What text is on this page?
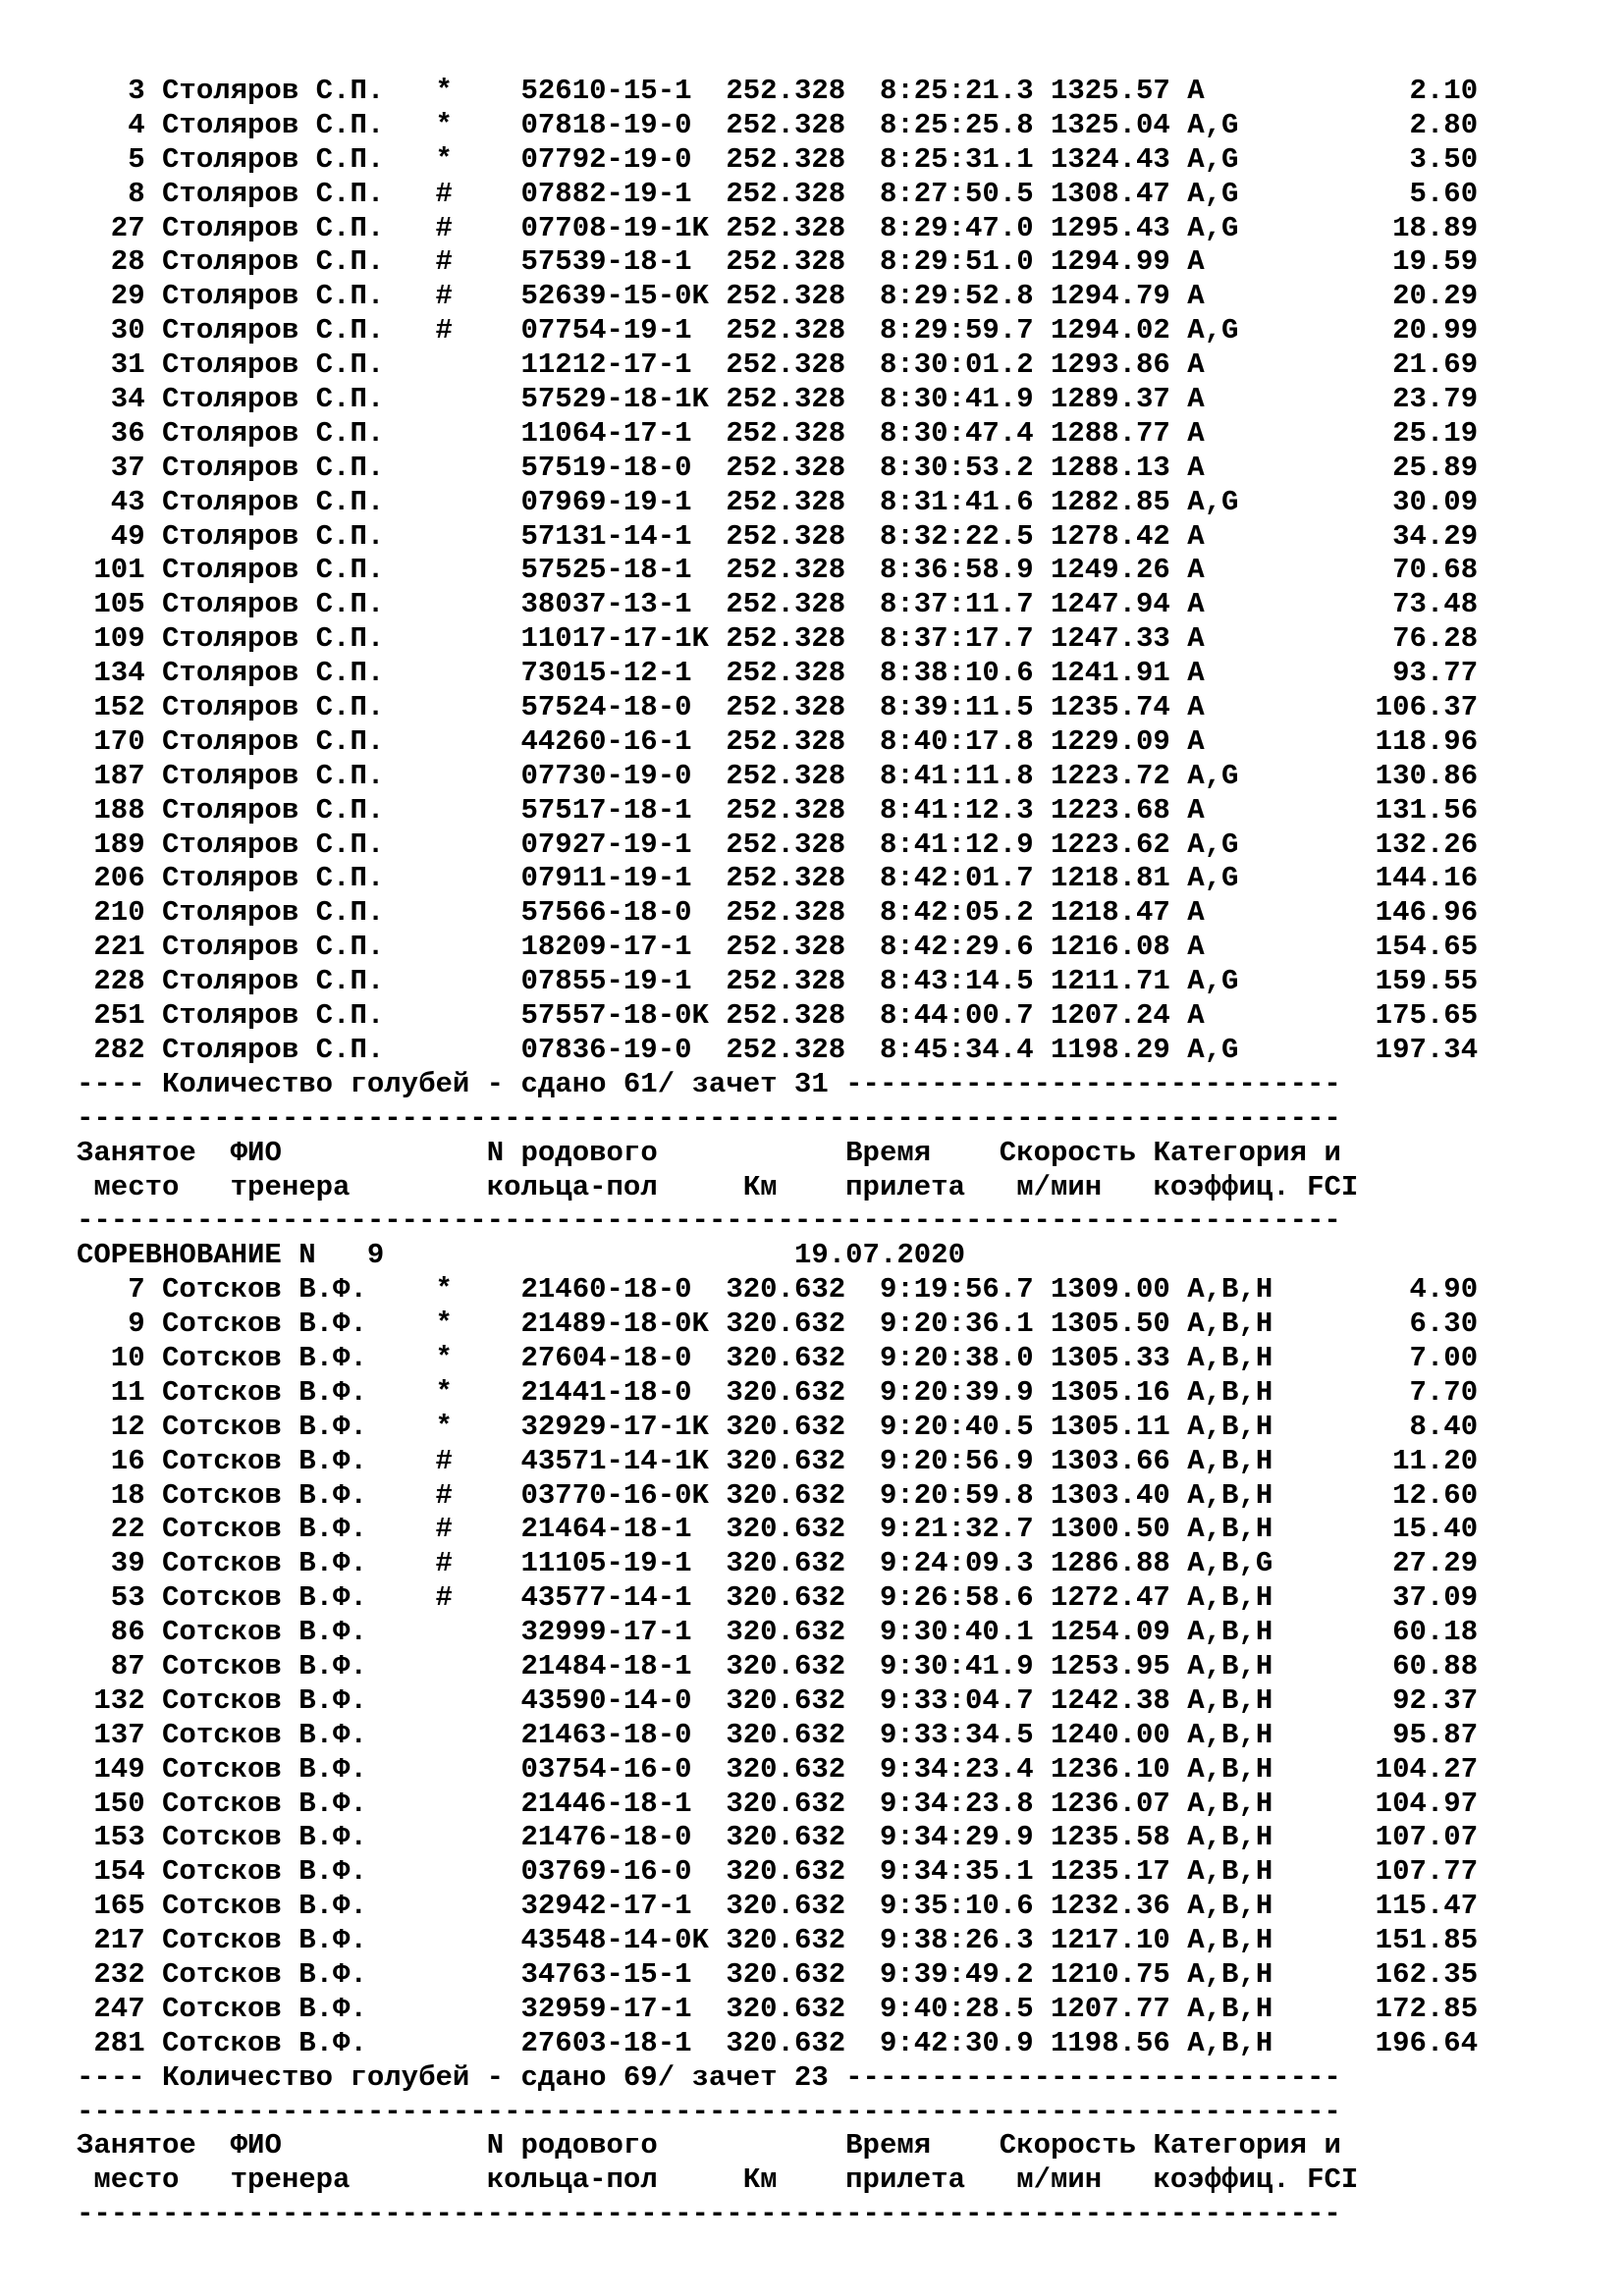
3 Столяров С.П.   *    52610-15-1  252.328  8:25:21.3 1325.57 A            2.10
4 Столяров С.П.   *    07818-19-0  252.328  8:25:25.8 1325.04 A,G          2.80
5 Столяров С.П.   *    07792-19-0  252.328  8:25:31.1 1324.43 A,G          3.50
8 Столяров С.П.   #    07882-19-1  252.328  8:27:50.5 1308.47 A,G          5.60
27 Столяров С.П.   #    07708-19-1K 252.328  8:29:47.0 1295.43 A,G         18.89
28 Столяров С.П.   #    57539-18-1  252.328  8:29:51.0 1294.99 A           19.59
29 Столяров С.П.   #    52639-15-0K 252.328  8:29:52.8 1294.79 A           20.29
30 Столяров С.П.   #    07754-19-1  252.328  8:29:59.7 1294.02 A,G         20.99
31 Столяров С.П.	11212-17-1  252.328  8:30:01.2 1293.86 A           21.69
34 Столяров С.П.	57529-18-1K 252.328  8:30:41.9 1289.37 A           23.79
36 Столяров С.П.	11064-17-1  252.328  8:30:47.4 1288.77 A           25.19
37 Столяров С.П.	57519-18-0  252.328  8:30:53.2 1288.13 A           25.89
43 Столяров С.П.	07969-19-1  252.328  8:31:41.6 1282.85 A,G         30.09
49 Столяров С.П.	57131-14-1  252.328  8:32:22.5 1278.42 A           34.29
101 Столяров С.П.	57525-18-1  252.328  8:36:58.9 1249.26 A           70.68
105 Столяров С.П.	38037-13-1  252.328  8:37:11.7 1247.94 A           73.48
109 Столяров С.П.	11017-17-1K 252.328  8:37:17.7 1247.33 A           76.28
134 Столяров С.П.	73015-12-1  252.328  8:38:10.6 1241.91 A           93.77
152 Столяров С.П.	57524-18-0  252.328  8:39:11.5 1235.74 A          106.37
170 Столяров С.П.	44260-16-1  252.328  8:40:17.8 1229.09 A          118.96
187 Столяров С.П.	07730-19-0  252.328  8:41:11.8 1223.72 A,G        130.86
188 Столяров С.П.	57517-18-1  252.328  8:41:12.3 1223.68 A          131.56
189 Столяров С.П.	07927-19-1  252.328  8:41:12.9 1223.62 A,G        132.26
206 Столяров С.П.	07911-19-1  252.328  8:42:01.7 1218.81 A,G        144.16
210 Столяров С.П.	57566-18-0  252.328  8:42:05.2 1218.47 A          146.96
221 Столяров С.П.	18209-17-1  252.328  8:42:29.6 1216.08 A          154.65
228 Столяров С.П.	07855-19-1  252.328  8:43:14.5 1211.71 A,G        159.55
251 Столяров С.П.	57557-18-0K 252.328  8:44:00.7 1207.24 A          175.65
282 Столяров С.П.	07836-19-0  252.328  8:45:34.4 1198.29 A,G        197.34
---- Количество голубей - сдано 61/ зачет 31 -----------------------------
--------------------------------------------------------------------------
Занятое  ФИО            N родового	Время    Скорость Категория и
место   тренера        кольца-пол     Км    прилета   м/мин   коэффиц. FCI
--------------------------------------------------------------------------
СОРЕВНОВАНИЕ N   9	19.07.2020
7 Сотсков В.Ф.    *    21460-18-0  320.632  9:19:56.7 1309.00 A,B,H        4.90
9 Сотсков В.Ф.    *    21489-18-0K 320.632  9:20:36.1 1305.50 A,B,H        6.30
10 Сотсков В.Ф.    *    27604-18-0  320.632  9:20:38.0 1305.33 A,B,H        7.00
11 Сотсков В.Ф.    *    21441-18-0  320.632  9:20:39.9 1305.16 A,B,H        7.70
12 Сотсков В.Ф.    *    32929-17-1K 320.632  9:20:40.5 1305.11 A,B,H        8.40
16 Сотсков В.Ф.    #    43571-14-1K 320.632  9:20:56.9 1303.66 A,B,H       11.20
18 Сотсков В.Ф.    #    03770-16-0K 320.632  9:20:59.8 1303.40 A,B,H       12.60
22 Сотсков В.Ф.    #    21464-18-1  320.632  9:21:32.7 1300.50 A,B,H       15.40
39 Сотсков В.Ф.    #    11105-19-1  320.632  9:24:09.3 1286.88 A,B,G       27.29
53 Сотсков В.Ф.    #    43577-14-1  320.632  9:26:58.6 1272.47 A,B,H       37.09
86 Сотсков В.Ф.	32999-17-1  320.632  9:30:40.1 1254.09 A,B,H       60.18
87 Сотсков В.Ф.	21484-18-1  320.632  9:30:41.9 1253.95 A,B,H       60.88
132 Сотсков В.Ф.	43590-14-0  320.632  9:33:04.7 1242.38 A,B,H       92.37
137 Сотсков В.Ф.	21463-18-0  320.632  9:33:34.5 1240.00 A,B,H       95.87
149 Сотсков В.Ф.	03754-16-0  320.632  9:34:23.4 1236.10 A,B,H      104.27
150 Сотсков В.Ф.	21446-18-1  320.632  9:34:23.8 1236.07 A,B,H      104.97
153 Сотсков В.Ф.	21476-18-0  320.632  9:34:29.9 1235.58 A,B,H      107.07
154 Сотсков В.Ф.	03769-16-0  320.632  9:34:35.1 1235.17 A,B,H      107.77
165 Сотсков В.Ф.	32942-17-1  320.632  9:35:10.6 1232.36 A,B,H      115.47
217 Сотсков В.Ф.	43548-14-0K 320.632  9:38:26.3 1217.10 A,B,H      151.85
232 Сотсков В.Ф.	34763-15-1  320.632  9:39:49.2 1210.75 A,B,H      162.35
247 Сотсков В.Ф.	32959-17-1  320.632  9:40:28.5 1207.77 A,B,H      172.85
281 Сотсков В.Ф.	27603-18-1  320.632  9:42:30.9 1198.56 A,B,H      196.64
---- Количество голубей - сдано 69/ зачет 23 -----------------------------
--------------------------------------------------------------------------
Занятое  ФИО            N родового	Время    Скорость Категория и
место   тренера        кольца-пол     Км    прилета   м/мин   коэффиц. FCI
--------------------------------------------------------------------------
